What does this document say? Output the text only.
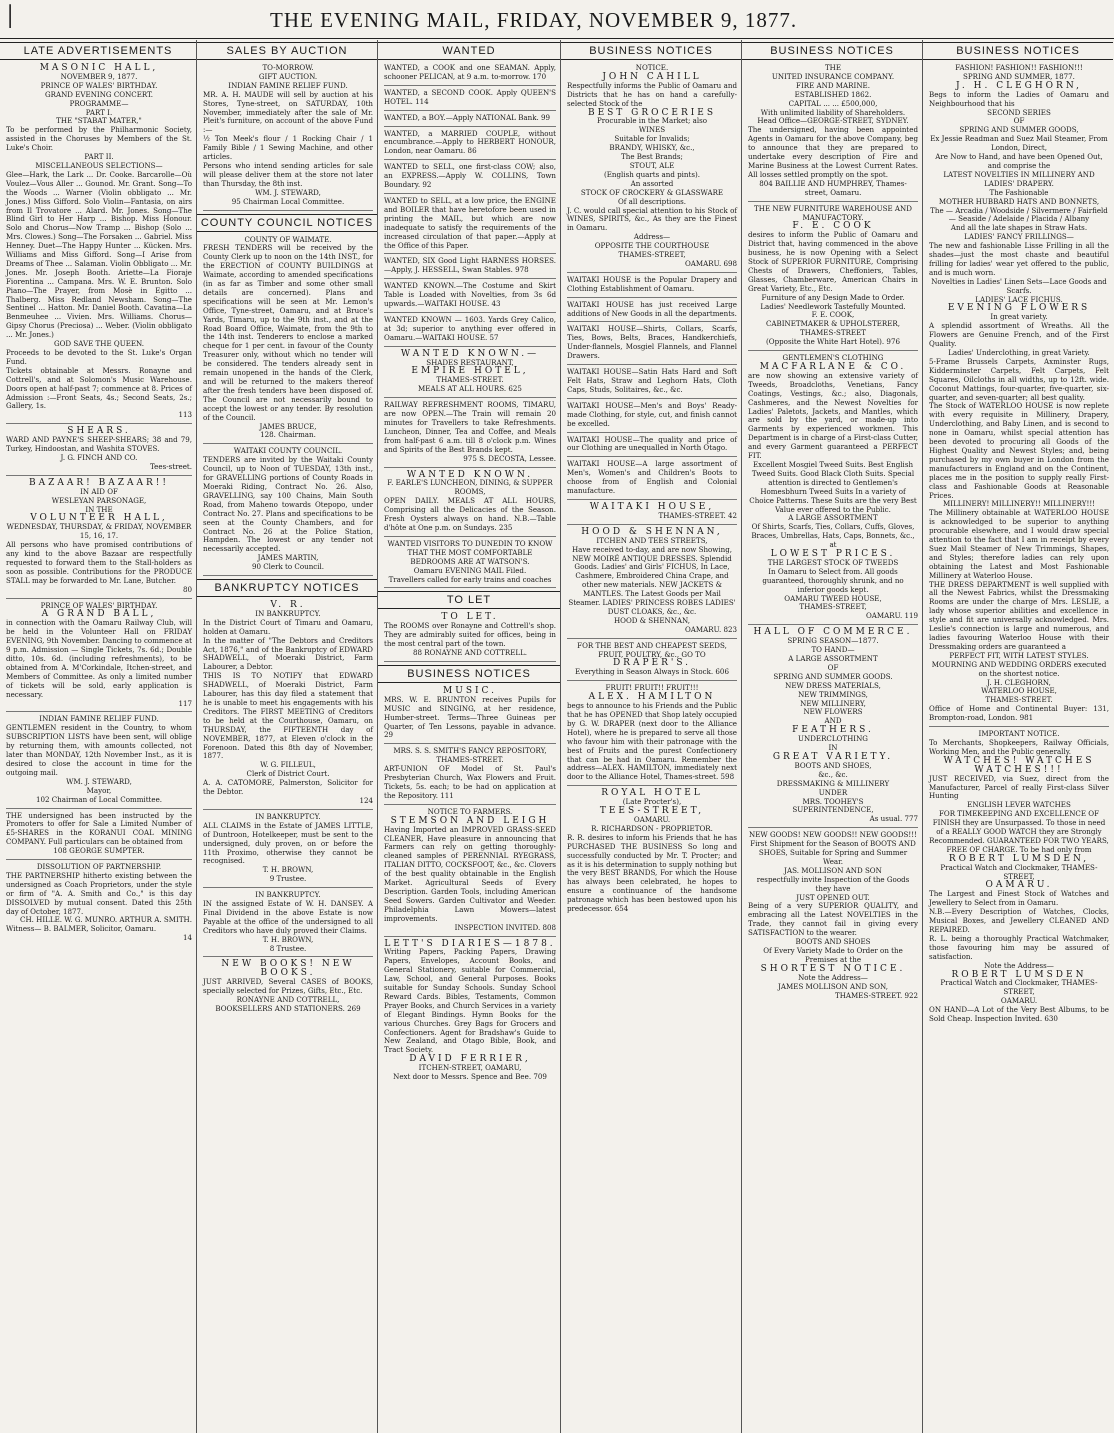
│	THE EVENING MAIL, FRIDAY, NOVEMBER 9, 1877.
LATE ADVERTISEMENTS

MASONIC HALL,

NOVEMBER 9, 1877.

PRINCE OF WALES' BIRTHDAY.

GRAND EVENING CONCERT.

PROGRAMME—

PART I.

THE "STABAT MATER,"

To be performed by the Philharmonic Society, assisted in the Choruses by Members of the St. Luke's Choir.

PART II.

MISCELLANEOUS SELECTIONS—

Glee—Hark, the Lark ... Dr. Cooke. Barcarolle—Où Voulez—Vous Aller ... Gounod. Mr. Grant. Song—To the Woods ... Warner (Violin obbligato ... Mr. Jones.) Miss Gifford. Solo Violin—Fantasia, on airs from Il Trovatore ... Alard. Mr. Jones. Song—The Blind Girl to Her Harp ... Bishop. Miss Honour. Solo and Chorus—Now Tramp ... Bishop (Solo ... Mrs. Clowes.) Song—The Forsaken ... Gabriel. Miss Henney. Duet—The Happy Hunter ... Kücken. Mrs. Williams and Miss Gifford. Song—I Arise from Dreams of Thee ... Salaman. Violin Obbligato ... Mr. Jones. Mr. Joseph Booth. Ariette—La Fioraje Fiorentina ... Campana. Mrs. W. E. Brunton. Solo Piano—The Prayer, from Mosè in Egitto ... Thalberg. Miss Redland Newsham. Song—The Sentinel ... Hatton. Mr. Daniel Booth. Cavatina—La Benmeuhee ... Vivien. Mrs. Williams. Chorus—Gipsy Chorus (Preciosa) ... Weber. (Violin obbligato ... Mr. Jones.)

GOD SAVE THE QUEEN.

Proceeds to be devoted to the St. Luke's Organ Fund.

Tickets obtainable at Messrs. Ronayne and Cottrell's, and at Solomon's Music Warehouse. Doors open at half-past 7; commence at 8. Prices of Admission :—Front Seats, 4s.; Second Seats, 2s.; Gallery, 1s.

113

SHEARS.

WARD AND PAYNE'S SHEEP-SHEARS; 38 and 79, Turkey, Hindoostan, and Washita STOVES.

J. G. FINCH AND CO.

Tees-street.

BAZAAR! BAZAAR!!

IN AID OF

WESLEYAN PARSONAGE,

IN THE

VOLUNTEER HALL,

WEDNESDAY, THURSDAY, & FRIDAY, NOVEMBER 15, 16, 17.

All persons who have promised contributions of any kind to the above Bazaar are respectfully requested to forward them to the Stall-holders as soon as possible. Contributions for the PRODUCE STALL may be forwarded to Mr. Lane, Butcher.

80

PRINCE OF WALES' BIRTHDAY.

A GRAND BALL,

in connection with the Oamaru Railway Club, will be held in the Volunteer Hall on FRIDAY EVENING, 9th November. Dancing to commence at 9 p.m. Admission — Single Tickets, 7s. 6d.; Double ditto, 10s. 6d. (including refreshments), to be obtained from A. M'Corkindale, Itchen-street, and Members of Committee. As only a limited number of tickets will be sold, early application is necessary.

117

INDIAN FAMINE RELIEF FUND.

GENTLEMEN resident in the Country, to whom SUBSCRIPTION LISTS have been sent, will oblige by returning them, with amounts collected, not later than MONDAY, 12th November Inst., as it is desired to close the account in time for the outgoing mail.

WM. J. STEWARD,

Mayor,

102 Chairman of Local Committee.

THE undersigned has been instructed by the Promoters to offer for Sale a Limited Number of £5-SHARES in the KORANUI COAL MINING COMPANY. Full particulars can be obtained from

108 GEORGE SUMPTER.

DISSOLUTION OF PARTNERSHIP.

THE PARTNERSHIP hitherto existing between the undersigned as Coach Proprietors, under the style or firm of "A. A. Smith and Co.," is this day DISSOLVED by mutual consent. Dated this 25th day of October, 1877.

CH. HILLE. W. G. MUNRO. ARTHUR A. SMITH.

Witness— B. BALMER, Solicitor, Oamaru.

14

SALES BY AUCTION

TO-MORROW.

GIFT AUCTION.

INDIAN FAMINE RELIEF FUND.

MR. A. H. MAUDE will sell by auction at his Stores, Tyne-street, on SATURDAY, 10th November, immediately after the sale of Mr. Pleit's furniture, on account of the above Fund :—

½ Ton Meek's flour / 1 Rocking Chair / 1 Family Bible / 1 Sewing Machine, and other articles.

Persons who intend sending articles for sale will please deliver them at the store not later than Thursday, the 8th inst.

WM. J. STEWARD,

95 Chairman Local Committee.

COUNTY COUNCIL NOTICES

COUNTY OF WAIMATE.

FRESH TENDERS will be received by the County Clerk up to noon on the 14th INST., for the ERECTION of COUNTY BUILDINGS at Waimate, according to amended specifications (in as far as Timber and some other small details are concerned). Plans and specifications will be seen at Mr. Lemon's Office, Tyne-street, Oamaru, and at Bruce's Yards, Timaru, up to the 9th inst., and at the Road Board Office, Waimate, from the 9th to the 14th inst. Tenderers to enclose a marked cheque for 1 per cent. in favour of the County Treasurer only, without which no tender will be considered. The tenders already sent in remain unopened in the hands of the Clerk, and will be returned to the makers thereof after the fresh tenders have been disposed of. The Council are not necessarily bound to accept the lowest or any tender. By resolution of the Council.

JAMES BRUCE,

128. Chairman.

WAITAKI COUNTY COUNCIL.

TENDERS are invited by the Waitaki County Council, up to Noon of TUESDAY, 13th inst., for GRAVELLING portions of County Roads in Moeraki Riding, Contract No. 26. Also, GRAVELLING, say 100 Chains, Main South Road, from Maheno towards Otepopo, under Contract No. 27. Plans and specifications to be seen at the County Chambers, and for Contract No. 26 at the Police Station, Hampden. The lowest or any tender not necessarily accepted.

JAMES MARTIN,

90 Clerk to Council.

BANKRUPTCY NOTICES

V. R.

IN BANKRUPTCY.

In the District Court of Timaru and Oamaru, holden at Oamaru.

In the matter of "The Debtors and Creditors Act, 1876," and of the Bankruptcy of EDWARD SHADWELL, of Moeraki District, Farm Labourer, a Debtor.

THIS IS TO NOTIFY that EDWARD SHADWELL, of Moeraki District, Farm Labourer, has this day filed a statement that he is unable to meet his engagements with his Creditors. The FIRST MEETING of Creditors to be held at the Courthouse, Oamaru, on THURSDAY, the FIFTEENTH day of NOVEMBER, 1877, at Eleven o'clock in the Forenoon. Dated this 8th day of November, 1877.

W. G. FILLEUL,

Clerk of District Court.

A. A. CATOMORE, Palmerston, Solicitor for the Debtor.

124

IN BANKRUPTCY.

ALL CLAIMS in the Estate of JAMES LITTLE, of Duntroon, Hotelkeeper, must be sent to the undersigned, duly proven, on or before the 11th Proximo, otherwise they cannot be recognised.

T. H. BROWN,

9 Trustee.

IN BANKRUPTCY.

IN the assigned Estate of W. H. DANSEY. A Final Dividend in the above Estate is now Payable at the office of the undersigned to all Creditors who have duly proved their Claims.

T. H. BROWN,

8 Trustee.

NEW BOOKS! NEW BOOKS.

JUST ARRIVED, Several CASES of BOOKS, specially selected for Prizes, Gifts, Etc., Etc.

RONAYNE AND COTTRELL,

BOOKSELLERS AND STATIONERS. 269

WANTED
WANTED, a COOK and one SEAMAN. Apply, schooner PELICAN, at 9 a.m. to-morrow. 170
WANTED, a SECOND COOK. Apply QUEEN'S HOTEL. 114
WANTED, a BOY.—Apply NATIONAL Bank. 99
WANTED, a MARRIED COUPLE, without encumbrance.—Apply to HERBERT HONOUR, London, near Oamaru. 86
WANTED to SELL, one first-class COW; also, an EXPRESS.—Apply W. COLLINS, Town Boundary. 92
WANTED to SELL, at a low price, the ENGINE and BOILER that have heretofore been used in printing the MAIL, but which are now inadequate to satisfy the requirements of the increased circulation of that paper.—Apply at the Office of this Paper.
WANTED, SIX Good Light HARNESS HORSES.—Apply, J. HESSELL, Swan Stables. 978
WANTED KNOWN.—The Costume and Skirt Table is Loaded with Novelties, from 3s 6d upwards.—WAITAKI HOUSE. 43
WANTED KNOWN — 1603. Yards Grey Calico, at 3d; superior to anything ever offered in Oamaru.—WAITAKI HOUSE. 57

WANTED KNOWN.—

SHADES RESTAURANT,

EMPIRE HOTEL,

THAMES-STREET.

MEALS AT ALL HOURS. 625

RAILWAY REFRESHMENT ROOMS, TIMARU, are now OPEN.—The Train will remain 20 minutes for Travellers to take Refreshments. Luncheon, Dinner, Tea and Coffee, and Meals from half-past 6 a.m. till 8 o'clock p.m. Wines and Spirits of the Best Brands kept.

975 S. DECOSTA, Lessee.

WANTED KNOWN.

F. EARLE'S LUNCHEON, DINING, & SUPPER ROOMS,

OPEN DAILY. MEALS AT ALL HOURS, Comprising all the Delicacies of the Season. Fresh Oysters always on hand. N.B.—Table d'hôte at One p.m. on Sundays. 235

WANTED VISITORS TO DUNEDIN TO KNOW THAT THE MOST COMFORTABLE BEDROOMS ARE AT WATSON'S.

Oamaru EVENING MAIL Filed.

Travellers called for early trains and coaches

TO LET

TO LET.

The ROOMS over Ronayne and Cottrell's shop. They are admirably suited for offices, being in the most central part of the town.

88 RONAYNE AND COTTRELL.

BUSINESS NOTICES

MUSIC.

MRS. W. E. BRUNTON receives Pupils for MUSIC and SINGING, at her residence, Humber-street. Terms—Three Guineas per Quarter, of Ten Lessons, payable in advance. 29

MRS. S. S. SMITH'S FANCY REPOSITORY, THAMES-STREET.

ART-UNION OF Model of St. Paul's Presbyterian Church, Wax Flowers and Fruit. Tickets, 5s. each; to be had on application at the Repository. 111

NOTICE TO FARMERS.

STEMSON AND LEIGH

Having Imported an IMPROVED GRASS-SEED CLEANER, Have pleasure in announcing that Farmers can rely on getting thoroughly-cleaned samples of PERENNIAL RYEGRASS, ITALIAN DITTO, COCKSFOOT, &c., &c. Clovers of the best quality obtainable in the English Market. Agricultural Seeds of Every Description. Garden Tools, including American Seed Sowers. Garden Cultivator and Weeder. Philadelphia Lawn Mowers—latest improvements.

INSPECTION INVITED. 808

LETT'S DIARIES—1878.

Writing Papers, Packing Papers, Drawing Papers, Envelopes, Account Books, and General Stationery, suitable for Commercial, Law, School, and General Purposes. Books suitable for Sunday Schools. Sunday School Reward Cards. Bibles, Testaments, Common Prayer Books, and Church Services in a variety of Elegant Bindings. Hymn Books for the various Churches. Grey Bags for Grocers and Confectioners. Agent for Bradshaw's Guide to New Zealand, and Otago Bible, Book, and Tract Society.

DAVID FERRIER,

ITCHEN-STREET, OAMARU,

Next door to Messrs. Spence and Bee. 709

BUSINESS NOTICES

NOTICE.

JOHN CAHILL

Respectfully informs the Public of Oamaru and Districts that he has on hand a carefully-selected Stock of the

BEST GROCERIES

Procurable in the Market; also

WINES

Suitable for Invalids;

BRANDY, WHISKY, &c.,

The Best Brands;

STOUT, ALE

(English quarts and pints).

An assorted

STOCK OF CROCKERY & GLASSWARE

Of all descriptions.

J. C. would call special attention to his Stock of WINES, SPIRITS, &c., As they are the Finest in Oamaru.

Address—

OPPOSITE THE COURTHOUSE

THAMES-STREET,

OAMARU. 698

WAITAKI HOUSE is the Popular Drapery and Clothing Establishment of Oamaru.
WAITAKI HOUSE has just received Large additions of New Goods in all the departments.
WAITAKI HOUSE—Shirts, Collars, Scarfs, Ties, Bows, Belts, Braces, Handkerchiefs, Under-flannels, Mosgiel Flannels, and Flannel Drawers.
WAITAKI HOUSE—Satin Hats Hard and Soft Felt Hats, Straw and Leghorn Hats, Cloth Caps, Studs, Solitaires, &c., &c.
WAITAKI HOUSE—Men's and Boys' Ready-made Clothing, for style, cut, and finish cannot be excelled.
WAITAKI HOUSE—The quality and price of our Clothing are unequalled in North Otago.
WAITAKI HOUSE—A large assortment of Men's, Women's and Children's Boots to choose from of English and Colonial manufacture.

WAITAKI HOUSE,

THAMES-STREET. 42

HOOD & SHENNAN,

ITCHEN AND TEES STREETS,

Have received to-day, and are now Showing, NEW MOIRÉ ANTIQUE DRESSES. Splendid Goods. Ladies' and Girls' FICHUS, In Lace, Cashmere, Embroidered China Crape, and other new materials. NEW JACKETS & MANTLES. The Latest Goods per Mail Steamer. LADIES' PRINCESS ROBES LADIES' DUST CLOAKS, &c., &c.

HOOD & SHENNAN,

OAMARU. 823

FOR THE BEST AND CHEAPEST SEEDS, FRUIT, POULTRY, &c., GO TO

DRAPER'S.

Everything in Season Always in Stock. 606

FRUIT! FRUIT!! FRUIT!!!

ALEX. HAMILTON

begs to announce to his Friends and the Public that he has OPENED that Shop lately occupied by G. W. DRAPER (next door to the Alliance Hotel), where he is prepared to serve all those who favour him with their patronage with the best of Fruits and the purest Confectionery that can be had in Oamaru. Remember the address—ALEX. HAMILTON, immediately next door to the Alliance Hotel, Thames-street. 598

ROYAL HOTEL

(Late Procter's),

TEES-STREET,

OAMARU.

R. RICHARDSON - PROPRIETOR.

R. R. desires to inform his Friends that he has PURCHASED THE BUSINESS So long and successfully conducted by Mr. T. Procter; and as it is his determination to supply nothing but the very BEST BRANDS, For which the House has always been celebrated, he hopes to ensure a continuance of the handsome patronage which has been bestowed upon his predecessor. 654

BUSINESS NOTICES

THE

UNITED INSURANCE COMPANY.

FIRE AND MARINE.

ESTABLISHED 1862.

CAPITAL ... ... £500,000,

With unlimited liability of Shareholders.

Head Office—GEORGE-STREET, SYDNEY.

The undersigned, having been appointed Agents in Oamaru for the above Company, beg to announce that they are prepared to undertake every description of Fire and Marine Business at the Lowest Current Rates. All losses settled promptly on the spot.

804 BAILLIE AND HUMPHREY, Thames-street, Oamaru.

THE NEW FURNITURE WAREHOUSE AND MANUFACTORY.

F. E. COOK

desires to inform the Public of Oamaru and District that, having commenced in the above business, he is now Opening with a Select Stock of SUPERIOR FURNITURE, Comprising Chests of Drawers, Cheffoniers, Tables, Glasses, Chamberware, American Chairs in Great Variety, Etc., Etc.

Furniture of any Design Made to Order.

Ladies' Needlework Tastefully Mounted.

F. E. COOK,

CABINETMAKER & UPHOLSTERER,

THAMES-STREET

(Opposite the White Hart Hotel). 976

GENTLEMEN'S CLOTHING

MACFARLANE & CO.

are now showing an extensive variety of Tweeds, Broadcloths, Venetians, Fancy Coatings, Vestings, &c.; also, Diagonals, Cashmeres, and the Newest Novelties for Ladies' Paletots, Jackets, and Mantles, which are sold by the yard, or made-up into Garments by experienced workmen. This Department is in charge of a First-class Cutter, and every Garment guaranteed a PERFECT FIT.

Excellent Mosgiel Tweed Suits. Best English Tweed Suits. Good Black Cloth Suits. Special attention is directed to Gentlemen's Homesbhurn Tweed Suits In a variety of Choice Patterns. These Suits are the very Best Value ever offered to the Public.

A LARGE ASSORTMENT

Of Shirts, Scarfs, Ties, Collars, Cuffs, Gloves, Braces, Umbrellas, Hats, Caps, Bonnets, &c., at

LOWEST PRICES.

THE LARGEST STOCK OF TWEEDS

In Oamaru to Select from. All goods guaranteed, thoroughly shrunk, and no inferior goods kept.

OAMARU TWEED HOUSE,

THAMES-STREET,

OAMARU. 119

HALL OF COMMERCE.

SPRING SEASON—1877.

TO HAND—

A LARGE ASSORTMENT

OF

SPRING AND SUMMER GOODS.

NEW DRESS MATERIALS,

NEW TRIMMINGS,

NEW MILLINERY,

NEW FLOWERS

AND

FEATHERS.

UNDERCLOTHING

IN

GREAT VARIETY.

BOOTS AND SHOES,

&c., &c.

DRESSMAKING & MILLINERY

UNDER

MRS. TOOHEY'S

SUPERINTENDENCE,

As usual. 777

NEW GOODS! NEW GOODS!! NEW GOODS!!!

First Shipment for the Season of BOOTS AND SHOES, Suitable for Spring and Summer Wear.

JAS. MOLLISON AND SON

respectfully invite Inspection of the Goods they have

JUST OPENED OUT.

Being of a very SUPERIOR QUALITY, and embracing all the Latest NOVELTIES in the Trade, they cannot fail in giving every SATISFACTION to the wearer.

BOOTS AND SHOES

Of Every Variety Made to Order on the Premises at the

SHORTEST NOTICE.

Note the Address—

JAMES MOLLISON AND SON,

THAMES-STREET. 922

BUSINESS NOTICES

FASHION! FASHION!! FASHION!!!

SPRING AND SUMMER, 1877.

J. H. CLEGHORN,

Begs to inform the Ladies of Oamaru and Neighbourhood that his

SECOND SERIES

OF

SPRING AND SUMMER GOODS,

Ex Jessie Readman and Suez Mail Steamer, From London, Direct,

Are Now to Hand, and have been Opened Out, and comprise the

LATEST NOVELTIES IN MILLINERY AND LADIES' DRAPERY.

The Fashionable

MOTHER HUBBARD HATS AND BONNETS,

The — Arcadia / Woodside / Silvermere / Fairfield — Seaside / Adelaide / Placida / Albany

And all the late shapes in Straw Hats.

LADIES' FANCY FRILLINGS—

The new and fashionable Lisse Frilling in all the shades—just the most chaste and beautiful frilling for ladies' wear yet offered to the public, and is much worn.

Novelties in Ladies' Linen Sets—Lace Goods and Scarfs.

LADIES' LACE FICHUS.

EVENING FLOWERS

In great variety.

A splendid assortment of Wreaths. All the Flowers are Genuine French, and of the First Quality.

Ladies' Underclothing, in great Variety.

5-Frame Brussels Carpets, Axminster Rugs, Kidderminster Carpets, Felt Carpets, Felt Squares, Oilcloths in all widths, up to 12ft. wide. Coconut Mattings, four-quarter, five-quarter, six-quarter, and seven-quarter; all best quality.

The Stock of WATERLOO HOUSE is now replete with every requisite in Millinery, Drapery, Underclothing, and Baby Linen, and is second to none in Oamaru, whilst special attention has been devoted to procuring all Goods of the Highest Quality and Newest Styles; and, being purchased by my own buyer in London from the manufacturers in England and on the Continent, places me in the position to supply really First-class and Fashionable Goods at Reasonable Prices.

MILLINERY! MILLINERY!! MILLINERY!!!

The Millinery obtainable at WATERLOO HOUSE is acknowledged to be superior to anything procurable elsewhere, and I would draw special attention to the fact that I am in receipt by every Suez Mail Steamer of New Trimmings, Shapes, and Styles; therefore ladies can rely upon obtaining the Latest and Most Fashionable Millinery at Waterloo House.

THE DRESS DEPARTMENT is well supplied with all the Newest Fabrics, whilst the Dressmaking Rooms are under the charge of Mrs. LESLIE, a lady whose superior abilities and excellence in style and fit are universally acknowledged. Mrs. Leslie's connection is large and numerous, and ladies favouring Waterloo House with their Dressmaking orders are guaranteed a

PERFECT FIT, WITH LATEST STYLES.

MOURNING AND WEDDING ORDERS executed on the shortest notice.

J. H. CLEGHORN,

WATERLOO HOUSE,

THAMES-STREET.

Office of Home and Continental Buyer: 131, Brompton-road, London. 981

IMPORTANT NOTICE.

To Merchants, Shopkeepers, Railway Officials, Working Men, and the Public generally.

WATCHES! WATCHES WATCHES!!!

JUST RECEIVED, via Suez, direct from the Manufacturer, Parcel of really First-class Silver Hunting

ENGLISH LEVER WATCHES

FOR TIMEKEEPING AND EXCELLENCE OF FINISH they are Unsurpassed. To those in need of a REALLY GOOD WATCH they are Strongly Recommended. GUARANTEED FOR TWO YEARS, FREE OF CHARGE. To be had only from

ROBERT LUMSDEN,

Practical Watch and Clockmaker, THAMES-STREET,

OAMARU.

The Largest and Finest Stock of Watches and Jewellery to Select from in Oamaru.

N.B.—Every Description of Watches, Clocks, Musical Boxes, and Jewellery CLEANED AND REPAIRED.

R. L. being a thoroughly Practical Watchmaker, those favouring him may be assured of satisfaction.

Note the Address—

ROBERT LUMSDEN

Practical Watch and Clockmaker, THAMES-STREET,

OAMARU.

ON HAND—A Lot of the Very Best Albums, to be Sold Cheap. Inspection Invited. 630
